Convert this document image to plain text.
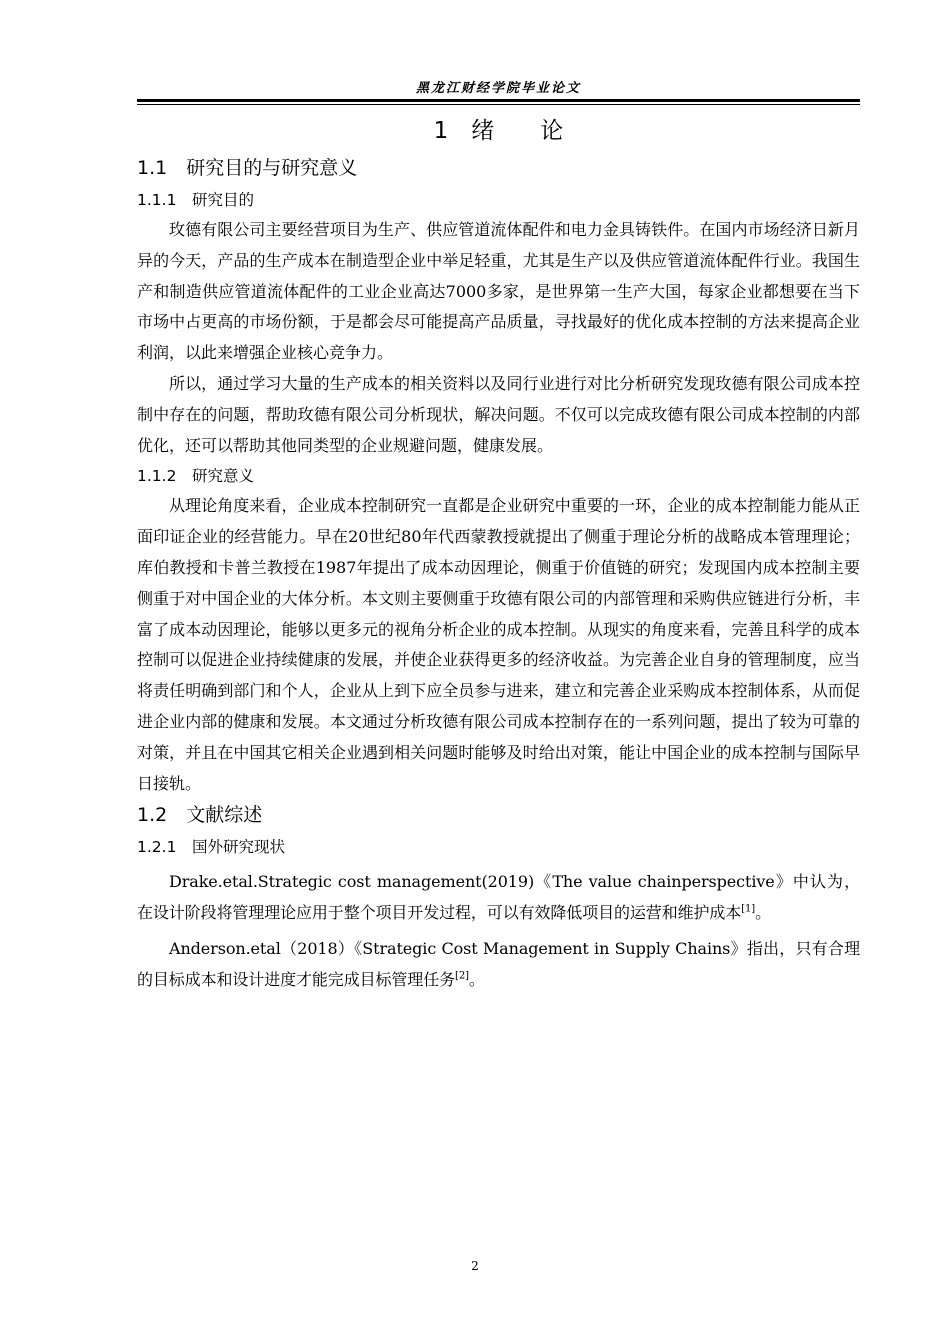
黑龙江财经学院毕业论文
1　绪　　论
1.1　研究目的与研究意义
1.1.1　研究目的

玫德有限公司主要经营项目为生产、供应管道流体配件和电力金具铸铁件。在国内市场经济日新月异的今天，产品的生产成本在制造型企业中举足轻重，尤其是生产以及供应管道流体配件行业。我国生产和制造供应管道流体配件的工业企业高达7000多家，是世界第一生产大国，每家企业都想要在当下市场中占更高的市场份额，于是都会尽可能提高产品质量，寻找最好的优化成本控制的方法来提高企业利润，以此来增强企业核心竞争力。

所以，通过学习大量的生产成本的相关资料以及同行业进行对比分析研究发现玫德有限公司成本控制中存在的问题，帮助玫德有限公司分析现状，解决问题。不仅可以完成玫德有限公司成本控制的内部优化，还可以帮助其他同类型的企业规避问题，健康发展。

1.1.2　研究意义

从理论角度来看，企业成本控制研究一直都是企业研究中重要的一环，企业的成本控制能力能从正面印证企业的经营能力。早在20世纪80年代西蒙教授就提出了侧重于理论分析的战略成本管理理论；库伯教授和卡普兰教授在1987年提出了成本动因理论，侧重于价值链的研究；发现国内成本控制主要侧重于对中国企业的大体分析。本文则主要侧重于玫德有限公司的内部管理和采购供应链进行分析，丰富了成本动因理论，能够以更多元的视角分析企业的成本控制。从现实的角度来看，完善且科学的成本控制可以促进企业持续健康的发展，并使企业获得更多的经济收益。为完善企业自身的管理制度，应当将责任明确到部门和个人，企业从上到下应全员参与进来，建立和完善企业采购成本控制体系，从而促进企业内部的健康和发展。本文通过分析玫德有限公司成本控制存在的一系列问题，提出了较为可靠的对策，并且在中国其它相关企业遇到相关问题时能够及时给出对策，能让中国企业的成本控制与国际早日接轨。

1.2　文献综述
1.2.1　国外研究现状

Drake.etal.Strategic cost management(2019)《The value chainperspective》中认为，在设计阶段将管理理论应用于整个项目开发过程，可以有效降低项目的运营和维护成本[1]。

Anderson.etal（2018）《Strategic Cost Management in Supply Chains》指出，只有合理的目标成本和设计进度才能完成目标管理任务[2]。

2
